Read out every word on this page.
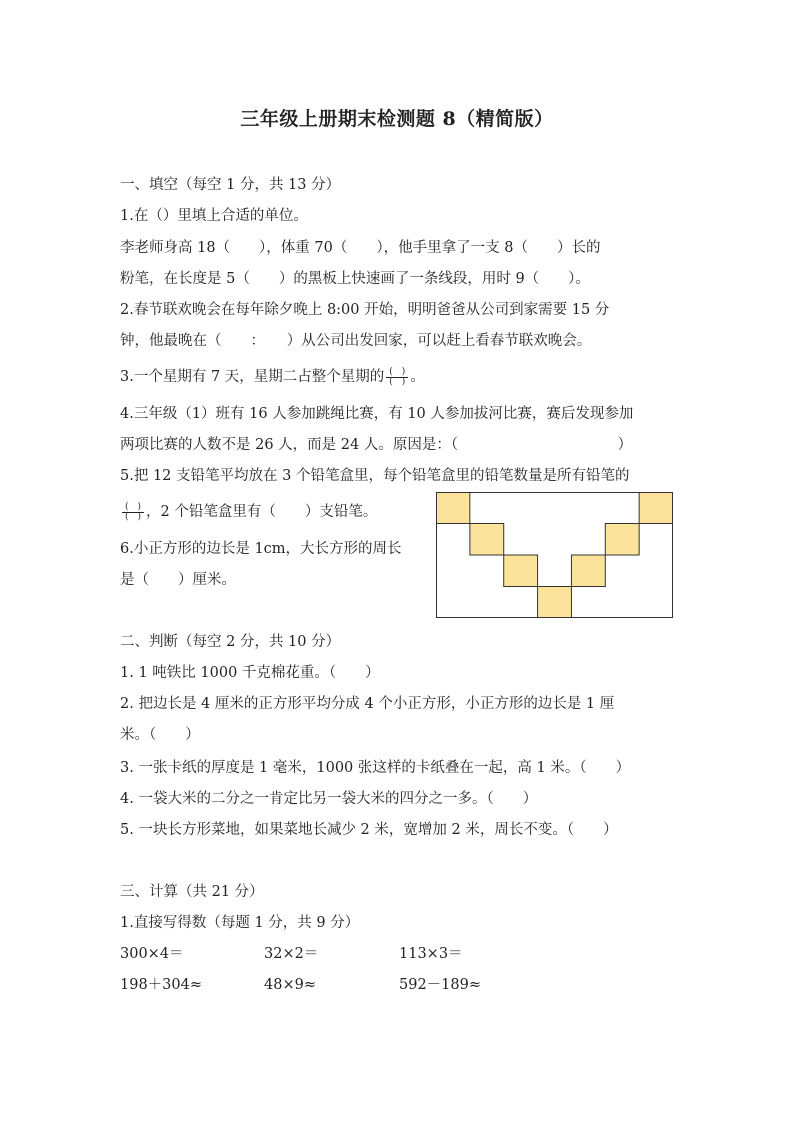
三年级上册期末检测题 8（精简版）
一、填空（每空 1 分，共 13 分）
1.在（）里填上合适的单位。
李老师身高 18（　　），体重 70（　　），他手里拿了一支 8（　　）长的
粉笔，在长度是 5（　　）的黑板上快速画了一条线段，用时 9（　　）。
2.春节联欢晚会在每年除夕晚上 8:00 开始，明明爸爸从公司到家需要 15 分
钟，他最晚在（　　：　　）从公司出发回家，可以赶上看春节联欢晚会。
3.一个星期有 7 天，星期二占整个星期的 $\frac{( )}{( )}$ 。
4.三年级（1）班有 16 人参加跳绳比赛，有 10 人参加拔河比赛，赛后发现参加
两项比赛的人数不是 26 人，而是 24 人。原因是：（　　　　　　　　　　　）
5.把 12 支铅笔平均放在 3 个铅笔盒里，每个铅笔盒里的铅笔数量是所有铅笔的
$\frac{( )}{( )}$ ，2 个铅笔盒里有（　　）支铅笔。
6.小正方形的边长是 1cm，大长方形的周长
是（　　）厘米。
二、判断（每空 2 分，共 10 分）
1. 1 吨铁比 1000 千克棉花重。（　　）
2. 把边长是 4 厘米的正方形平均分成 4 个小正方形，小正方形的边长是 1 厘
米。（　　）
3. 一张卡纸的厚度是 1 毫米，1000 张这样的卡纸叠在一起，高 1 米。（　　）
4. 一袋大米的二分之一肯定比另一袋大米的四分之一多。（　　）
5. 一块长方形菜地，如果菜地长减少 2 米，宽增加 2 米，周长不变。（　　）
三、计算（共 21 分）
1.直接写得数（每题 1 分，共 9 分）
300×4＝	32×2＝	113×3＝
198＋304≈	48×9≈	592－189≈
